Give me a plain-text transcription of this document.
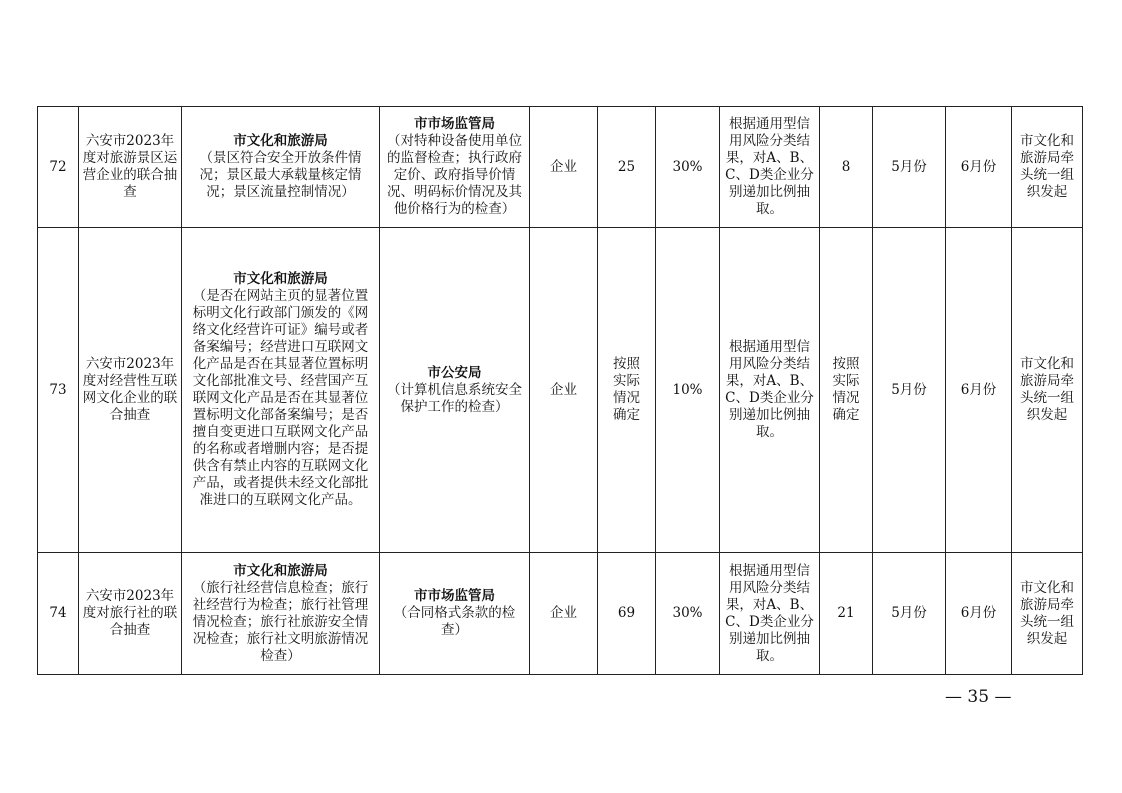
72	六安市2023年度对旅游景区运营企业的联合抽查	市文化和旅游局
（景区符合安全开放条件情况；景区最大承载量核定情况；景区流量控制情况）	市市场监管局
（对特种设备使用单位的监督检查；执行政府定价、政府指导价情况、明码标价情况及其他价格行为的检查）	企业	25	30%	根据通用型信用风险分类结果，对A、B、C、D类企业分别递加比例抽取。	8	5月份	6月份	市文化和旅游局牵头统一组织发起
73	六安市2023年度对经营性互联网文化企业的联合抽查	市文化和旅游局
（是否在网站主页的显著位置标明文化行政部门颁发的《网络文化经营许可证》编号或者备案编号；经营进口互联网文化产品是否在其显著位置标明文化部批准文号、经营国产互联网文化产品是否在其显著位置标明文化部备案编号；是否擅自变更进口互联网文化产品的名称或者增删内容；是否提供含有禁止内容的互联网文化产品，或者提供未经文化部批准进口的互联网文化产品。	市公安局
（计算机信息系统安全保护工作的检查）	企业	按照实际情况确定	10%	根据通用型信用风险分类结果，对A、B、C、D类企业分别递加比例抽取。	按照实际情况确定	5月份	6月份	市文化和旅游局牵头统一组织发起
74	六安市2023年度对旅行社的联合抽查	市文化和旅游局
（旅行社经营信息检查；旅行社经营行为检查；旅行社管理情况检查；旅行社旅游安全情况检查；旅行社文明旅游情况检查）	市市场监管局
（合同格式条款的检查）	企业	69	30%	根据通用型信用风险分类结果，对A、B、C、D类企业分别递加比例抽取。	21	5月份	6月份	市文化和旅游局牵头统一组织发起
— 35 —
